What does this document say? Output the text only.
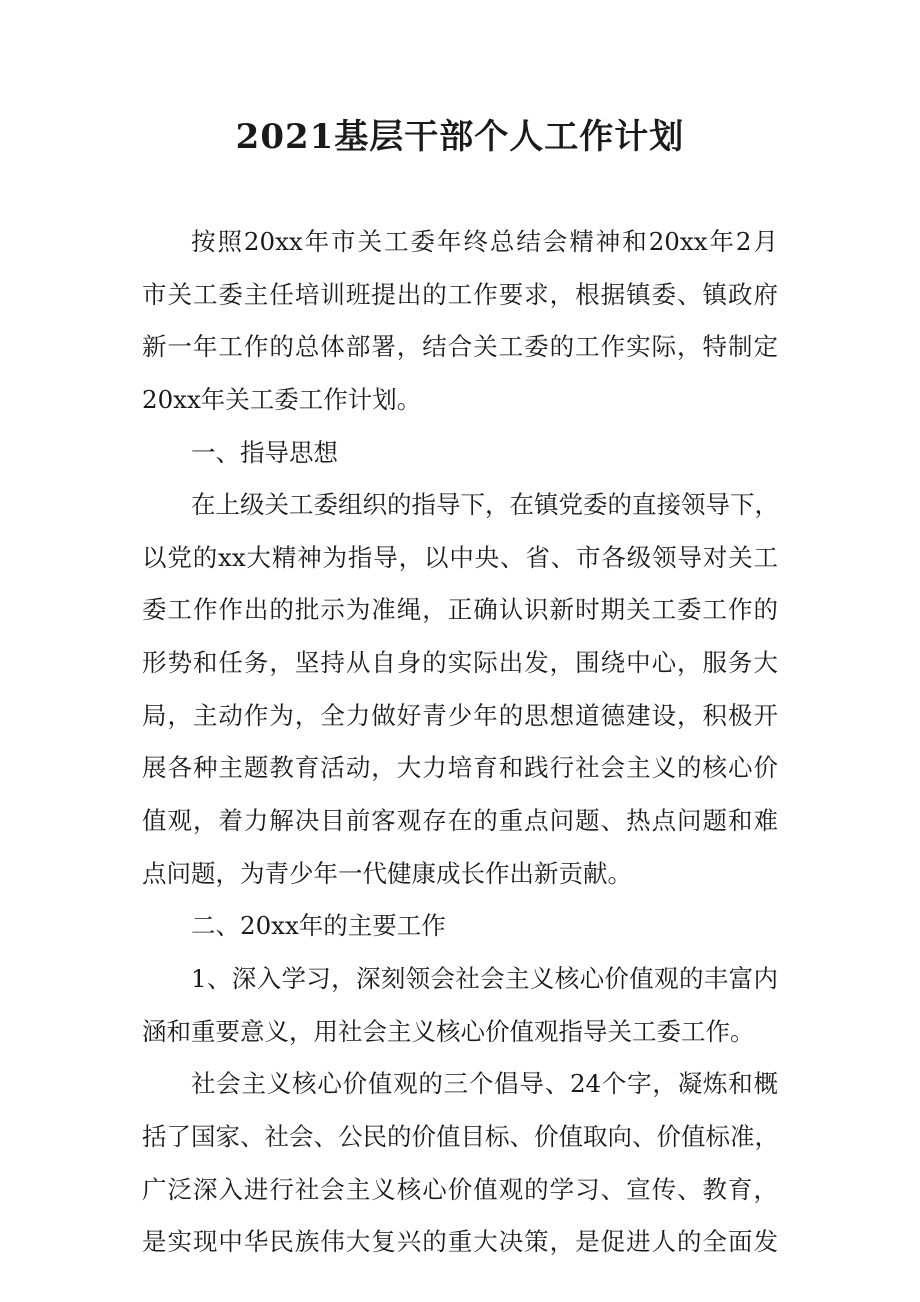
2021基层干部个人工作计划
按照20xx年市关工委年终总结会精神和20xx年2月
市关工委主任培训班提出的工作要求，根据镇委、镇政府
新一年工作的总体部署，结合关工委的工作实际，特制定
20xx年关工委工作计划。
一、指导思想
在上级关工委组织的指导下，在镇党委的直接领导下，
以党的xx大精神为指导，以中央、省、市各级领导对关工
委工作作出的批示为准绳，正确认识新时期关工委工作的
形势和任务，坚持从自身的实际出发，围绕中心，服务大
局，主动作为，全力做好青少年的思想道德建设，积极开
展各种主题教育活动，大力培育和践行社会主义的核心价
值观，着力解决目前客观存在的重点问题、热点问题和难
点问题，为青少年一代健康成长作出新贡献。
二、20xx年的主要工作
1、深入学习，深刻领会社会主义核心价值观的丰富内
涵和重要意义，用社会主义核心价值观指导关工委工作。
社会主义核心价值观的三个倡导、24个字，凝炼和概
括了国家、社会、公民的价值目标、价值取向、价值标准，
广泛深入进行社会主义核心价值观的学习、宣传、教育，
是实现中华民族伟大复兴的重大决策，是促进人的全面发
